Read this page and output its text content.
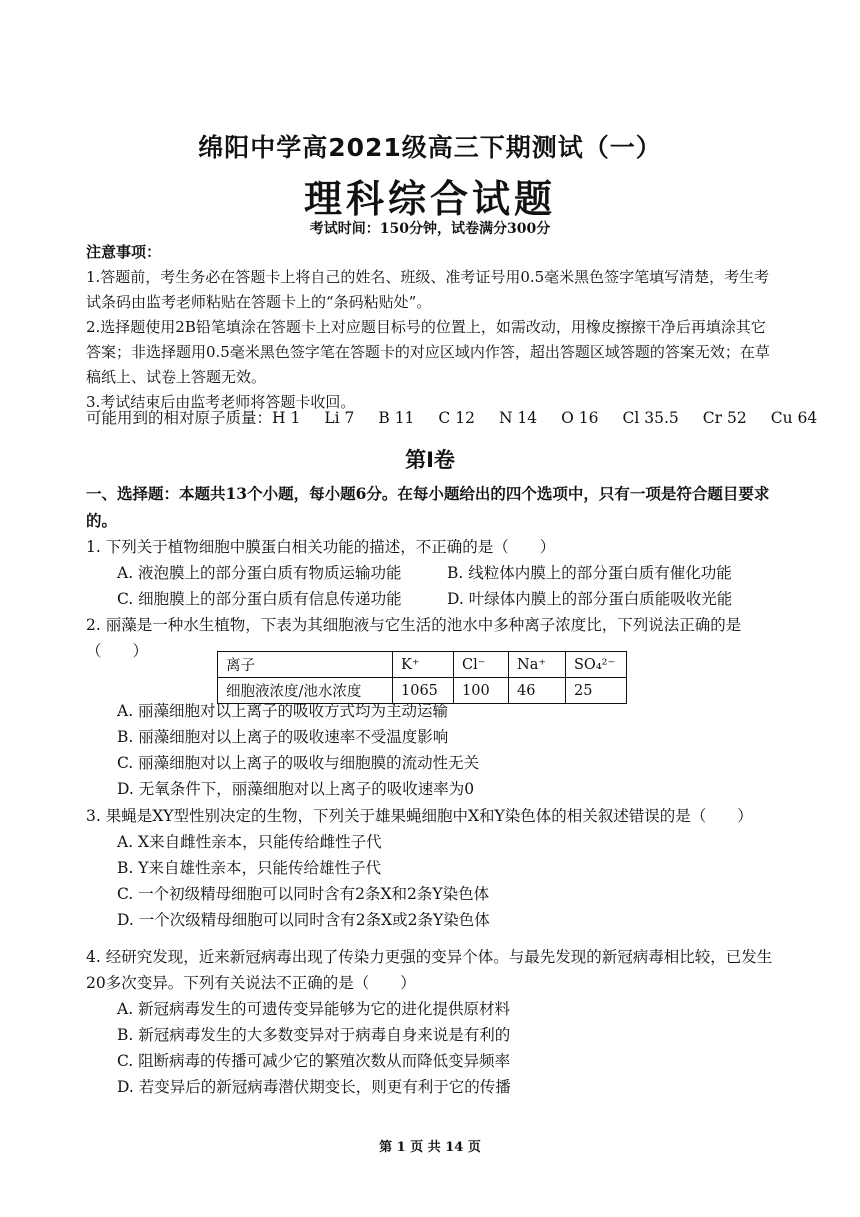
绵阳中学高2021级高三下期测试（一）
理科综合试题
考试时间：150分钟，试卷满分300分

注意事项：

1.答题前，考生务必在答题卡上将自己的姓名、班级、准考证号用0.5毫米黑色签字笔填写清楚，考生考试条码由监考老师粘贴在答题卡上的“条码粘贴处”。

2.选择题使用2B铅笔填涂在答题卡上对应题目标号的位置上，如需改动，用橡皮擦擦干净后再填涂其它答案；非选择题用0.5毫米黑色签字笔在答题卡的对应区域内作答，超出答题区域答题的答案无效；在草稿纸上、试卷上答题无效。

3.考试结束后由监考老师将答题卡收回。

可能用到的相对原子质量：H 1 Li 7 B 11 C 12 N 14 O 16 Cl 35.5 Cr 52 Cu 64
第Ⅰ卷
一、选择题：本题共13个小题，每小题6分。在每小题给出的四个选项中，只有一项是符合题目要求的。

1. 下列关于植物细胞中膜蛋白相关功能的描述，不正确的是（　　）

A. 液泡膜上的部分蛋白质有物质运输功能	B. 线粒体内膜上的部分蛋白质有催化功能

C. 细胞膜上的部分蛋白质有信息传递功能	D. 叶绿体内膜上的部分蛋白质能吸收光能

2. 丽藻是一种水生植物，下表为其细胞液与它生活的池水中多种离子浓度比，下列说法正确的是（　　）

离子	K⁺	Cl⁻	Na⁺	SO₄²⁻
细胞液浓度/池水浓度	1065	100	46	25

A. 丽藻细胞对以上离子的吸收方式均为主动运输

B. 丽藻细胞对以上离子的吸收速率不受温度影响

C. 丽藻细胞对以上离子的吸收与细胞膜的流动性无关

D. 无氧条件下，丽藻细胞对以上离子的吸收速率为0

3. 果蝇是XY型性别决定的生物，下列关于雄果蝇细胞中X和Y染色体的相关叙述错误的是（　　）

A. X来自雌性亲本，只能传给雌性子代

B. Y来自雄性亲本，只能传给雄性子代

C. 一个初级精母细胞可以同时含有2条X和2条Y染色体

D. 一个次级精母细胞可以同时含有2条X或2条Y染色体

4. 经研究发现，近来新冠病毒出现了传染力更强的变异个体。与最先发现的新冠病毒相比较，已发生20多次变异。下列有关说法不正确的是（　　）

A. 新冠病毒发生的可遗传变异能够为它的进化提供原材料

B. 新冠病毒发生的大多数变异对于病毒自身来说是有利的

C. 阻断病毒的传播可减少它的繁殖次数从而降低变异频率

D. 若变异后的新冠病毒潜伏期变长，则更有利于它的传播

第 1 页 共 14 页
